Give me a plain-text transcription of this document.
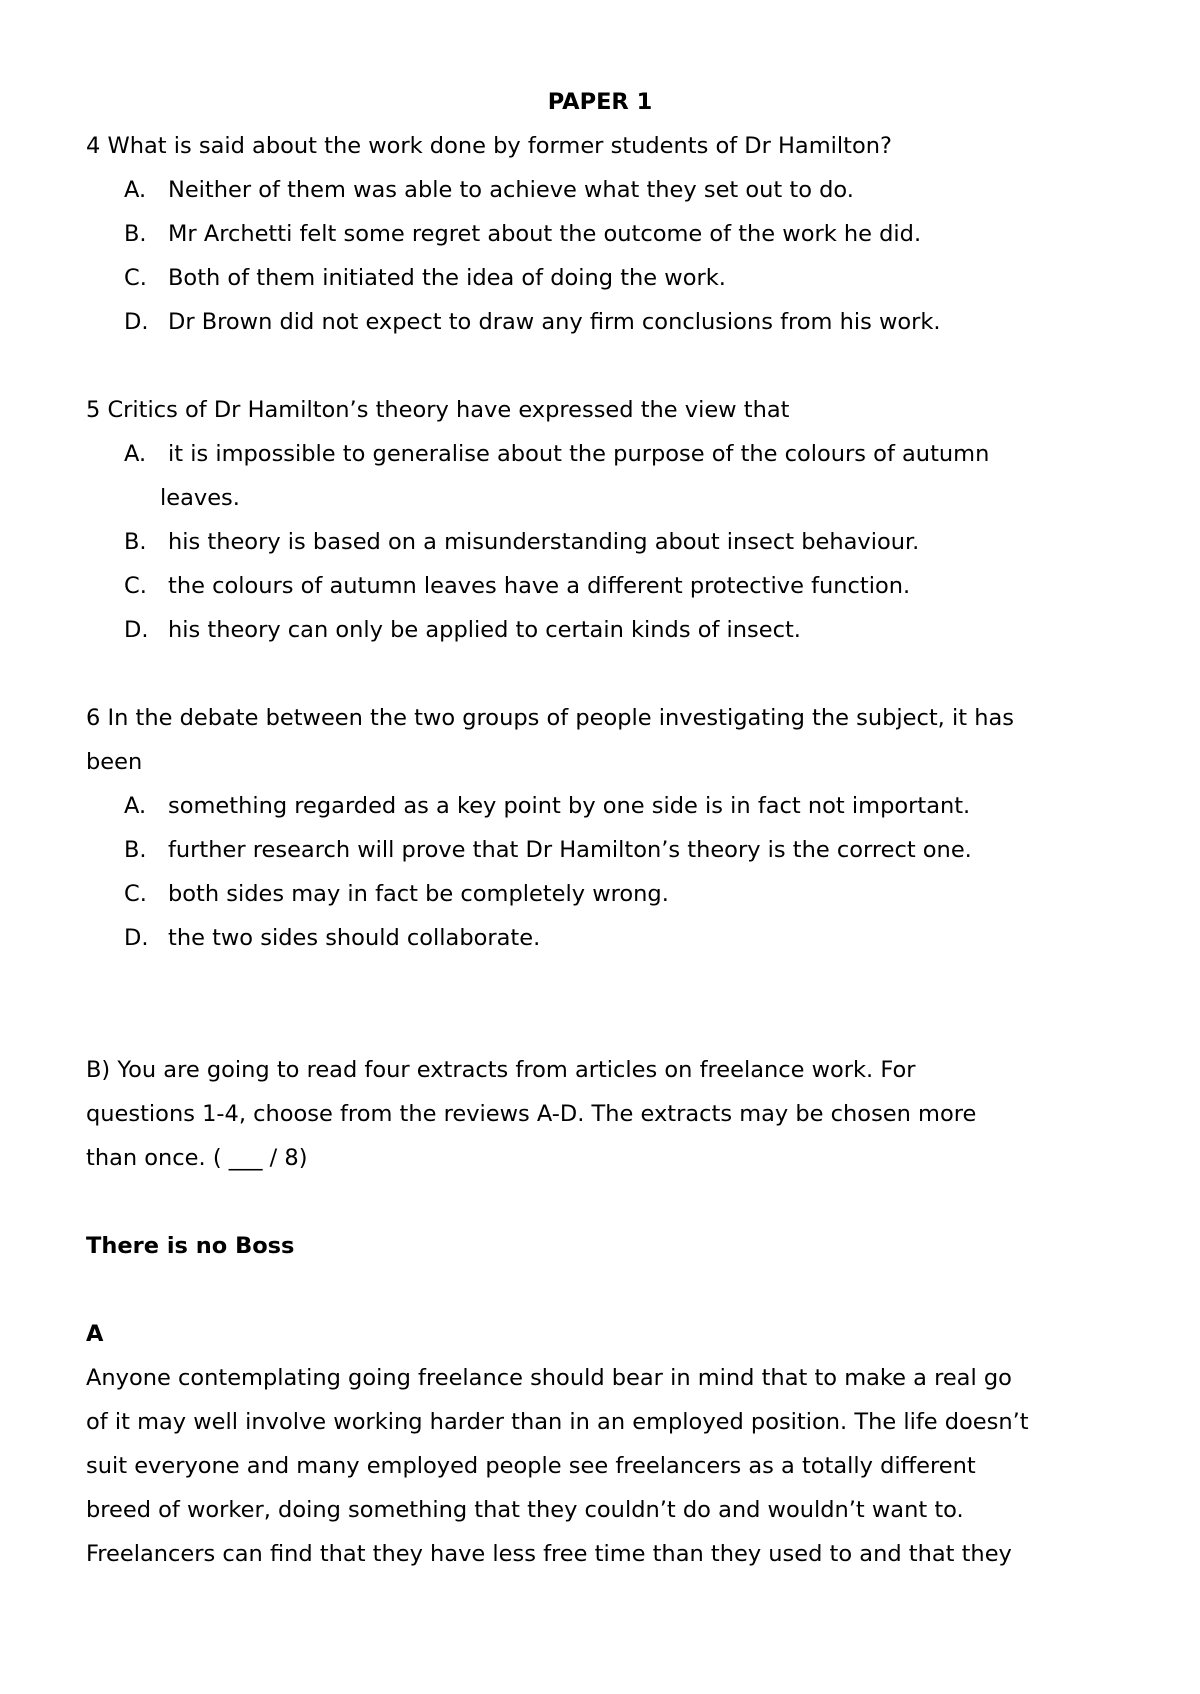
PAPER 1
4 What is said about the work done by former students of Dr Hamilton?
A. Neither of them was able to achieve what they set out to do.
B. Mr Archetti felt some regret about the outcome of the work he did.
C. Both of them initiated the idea of doing the work.
D. Dr Brown did not expect to draw any firm conclusions from his work.
5 Critics of Dr Hamilton’s theory have expressed the view that
A. it is impossible to generalise about the purpose of the colours of autumn
leaves.
B. his theory is based on a misunderstanding about insect behaviour.
C. the colours of autumn leaves have a different protective function.
D. his theory can only be applied to certain kinds of insect.
6 In the debate between the two groups of people investigating the subject, it has
been
A. something regarded as a key point by one side is in fact not important.
B. further research will prove that Dr Hamilton’s theory is the correct one.
C. both sides may in fact be completely wrong.
D. the two sides should collaborate.
B) You are going to read four extracts from articles on freelance work. For
questions 1-4, choose from the reviews A-D. The extracts may be chosen more
than once. ( ___ / 8)
There is no Boss
A
Anyone contemplating going freelance should bear in mind that to make a real go
of it may well involve working harder than in an employed position. The life doesn’t
suit everyone and many employed people see freelancers as a totally different
breed of worker, doing something that they couldn’t do and wouldn’t want to.
Freelancers can find that they have less free time than they used to and that they
